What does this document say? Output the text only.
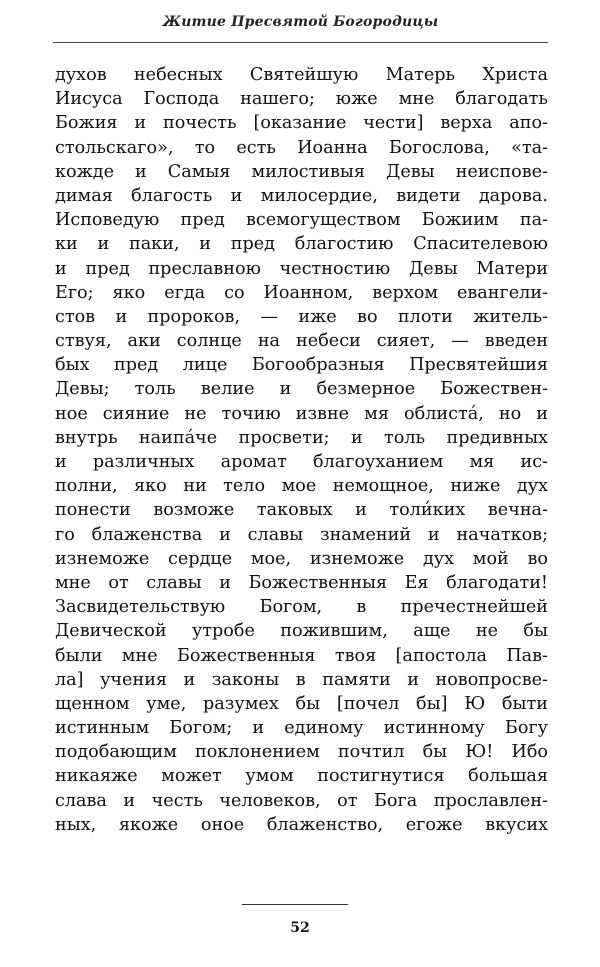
Житие Пресвятой Богородицы
духов небесных Святейшую Матерь Христа
Иисуса Господа нашего; юже мне благодать
Божия и почесть [оказание чести] верха апо-
стольскаго», то есть Иоанна Богослова, «та-
кожде и Самыя милостивыя Девы неиспове-
димая благость и милосердие, видети дарова.
Исповедую пред всемогуществом Божиим па-
ки и паки, и пред благостию Спасителевою
и пред преславною честностию Девы Матери
Его; яко егда со Иоанном, верхом евангели-
стов и пророков, — иже во плоти житель-
ствуя, аки солнце на небеси сияет, — введен
бых пред лице Богообразныя Пресвятейшия
Девы; толь велие и безмерное Божествен-
ное сияние не точию извне мя облистá, но и
внутрь наипáче просвети; и толь предивных
и различных аромат благоуханием мя ис-
полни, яко ни тело мое немощное, ниже дух
понести возможе таковых и толи́ких вечна-
го блаженства и славы знамений и начатков;
изнеможе сердце мое, изнеможе дух мой во
мне от славы и Божественныя Ея благодати!
Засвидетельствую Богом, в пречестнейшей
Девической утробе пожившим, аще не бы
были мне Божественныя твоя [апостола Пав-
ла] учения и законы в памяти и новопросве-
щенном уме, разумех бы [почел бы] Ю быти
истинным Богом; и единому истинному Богу
подобающим поклонением почтил бы Ю! Ибо
никаяже может умом постигнутися большая
слава и честь человеков, от Бога прославлен-
ных, якоже оное блаженство, егоже вкусих
52
